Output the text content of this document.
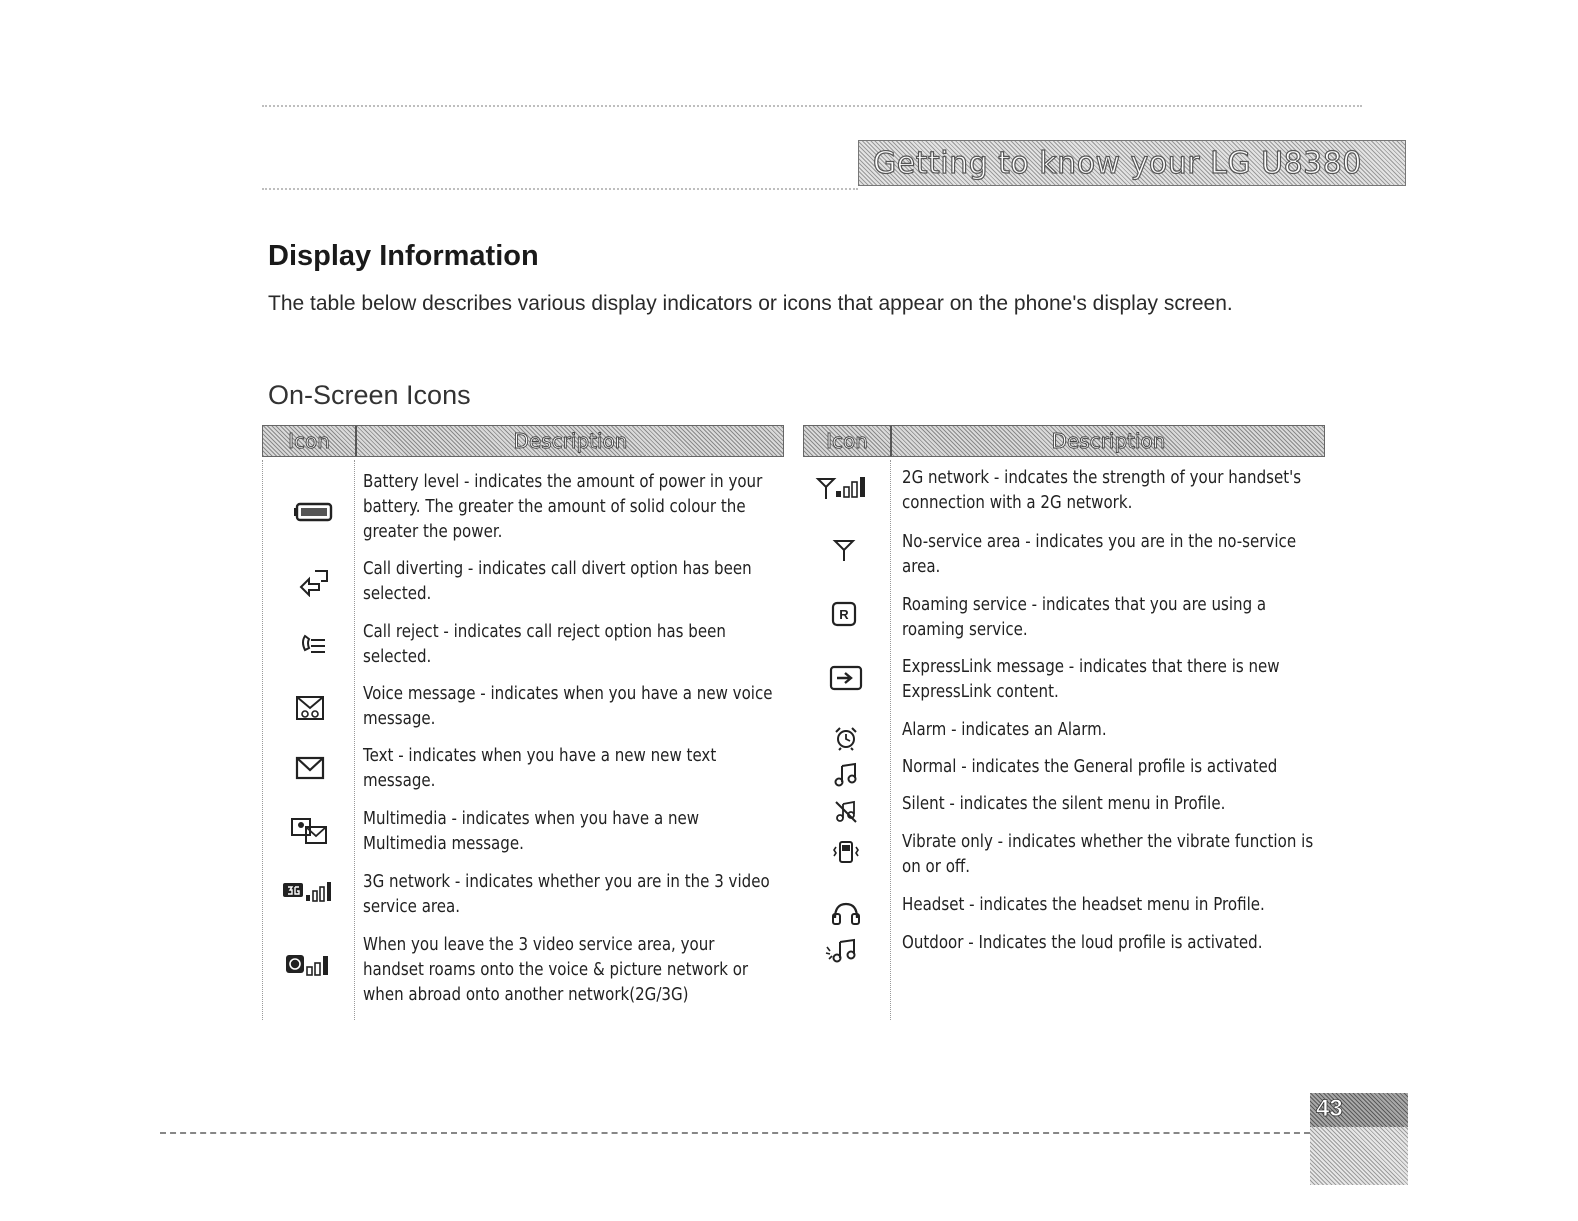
Getting to know your LG U8380
Display Information

The table below describes various display indicators or icons that appear on the phone's display screen.

On-Screen Icons
Icon	Description	Icon	Description
Battery level - indicates the amount of power in your battery. The greater the amount of solid colour the greater the power.
Call diverting - indicates call divert option has been selected.
Call reject - indicates call reject option has been selected.
Voice message - indicates when you have a new voice message.
Text - indicates when you have a new new text message.
Multimedia - indicates when you have a new Multimedia message.
3G network - indicates whether you are in the 3 video service area.
When you leave the 3 video service area, your handset roams onto the voice & picture network or when abroad onto another network(2G/3G)
2G network - indcates the strength of your handset's connection with a 2G network.
No-service area - indicates you are in the no-service area.
R	Roaming service - indicates that you are using a roaming service.
ExpressLink message - indicates that there is new ExpressLink content.
Alarm - indicates an Alarm.
Normal - indicates the General profile is activated
Silent - indicates the silent menu in Profile.
Vibrate only - indicates whether the vibrate function is on or off.
Headset - indicates the headset menu in Profile.
Outdoor - Indicates the loud profile is activated.
43
